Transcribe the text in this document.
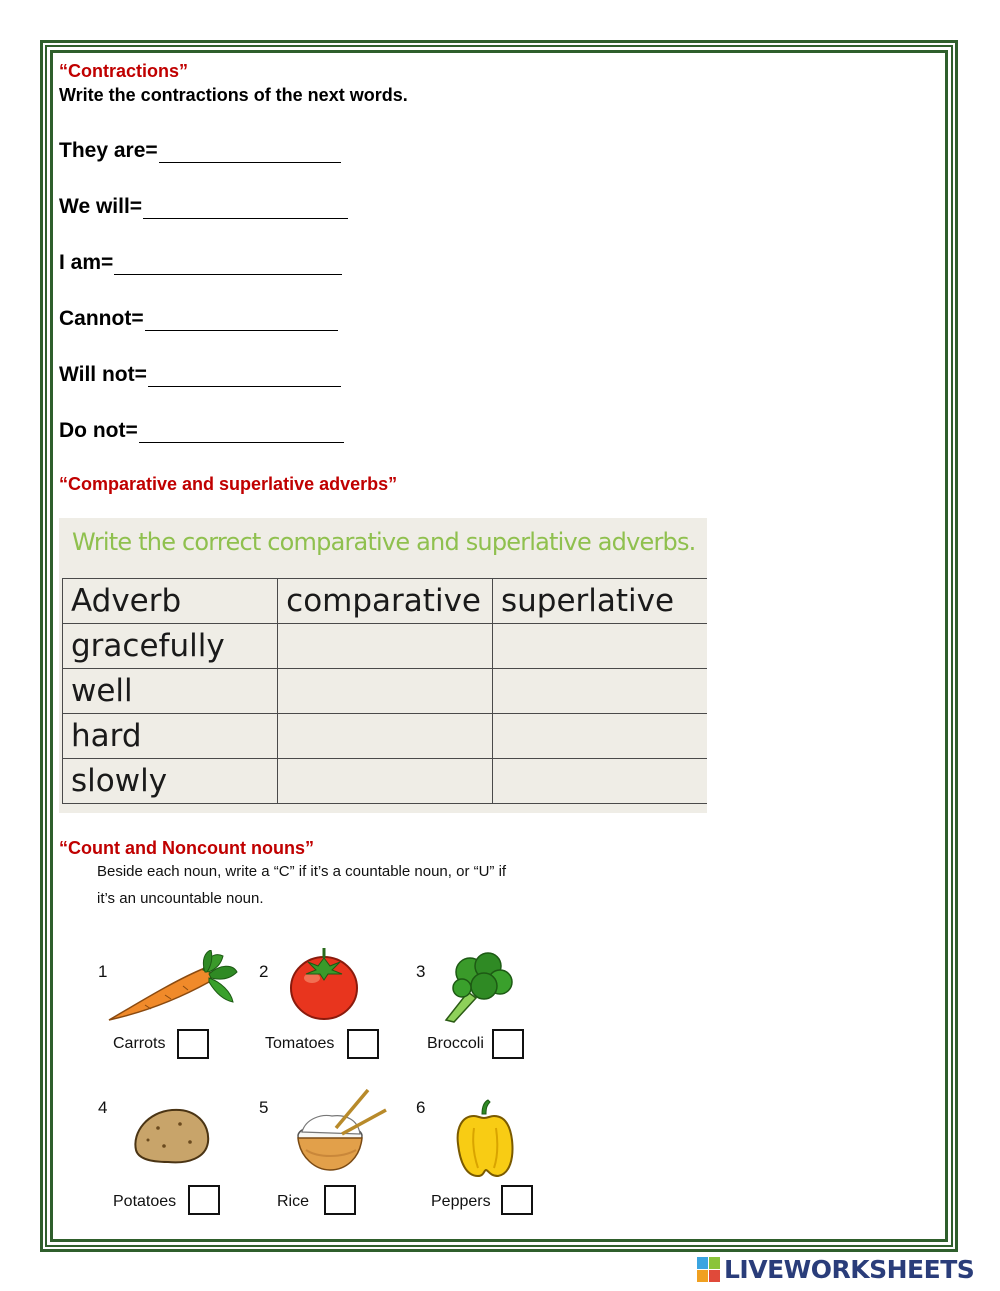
“Contractions”
Write the contractions of the next words.
They are=
We will=
I am=
Cannot=
Will not=
Do not=
“Comparative and superlative adverbs”
Write the correct comparative and superlative adverbs.
Adverb	comparative	superlative
gracefully		
well		
hard		
slowly		
“Count and Noncount nouns”
Beside each noun, write a “C” if it’s a countable noun, or “U” if
it’s an uncountable noun.
1
Carrots
2
Tomatoes
3
Broccoli
4
Potatoes
5
Rice
6
Peppers
LIVEWORKSHEETS
